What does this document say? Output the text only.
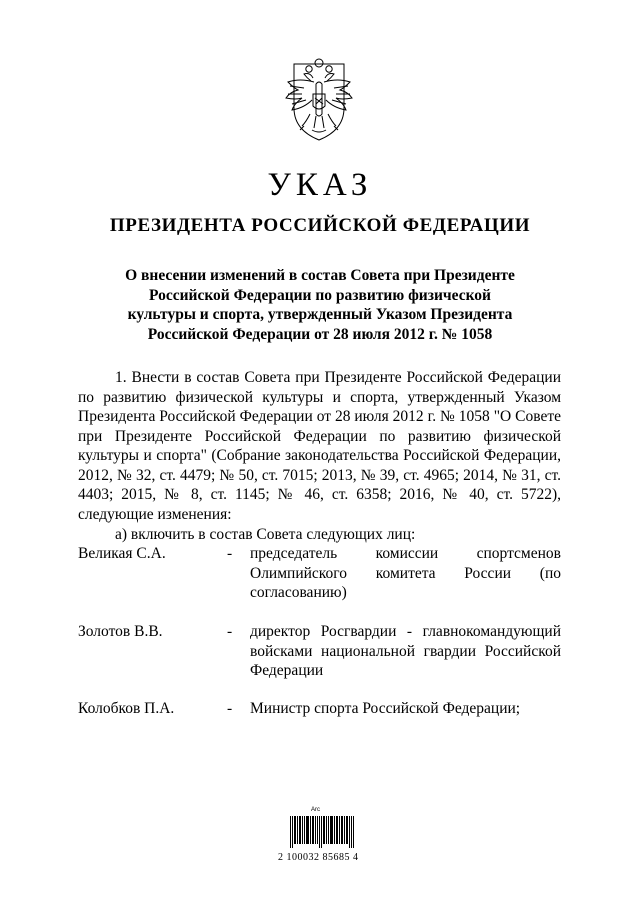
УКАЗ
ПРЕЗИДЕНТА РОССИЙСКОЙ ФЕДЕРАЦИИ
О внесении изменений в состав Совета при Президенте
Российской Федерации по развитию физической
культуры и спорта, утвержденный Указом Президента
Российской Федерации от 28 июля 2012 г. № 1058

1. Внести в состав Совета при Президенте Российской Федерации по развитию физической культуры и спорта, утвержденный Указом Президента Российской Федерации от 28 июля 2012 г. № 1058 "О Совете при Президенте Российской Федерации по развитию физической культуры и спорта" (Собрание законодательства Российской Федерации, 2012, № 32, ст. 4479; № 50, ст. 7015; 2013, № 39, ст. 4965; 2014, № 31, ст. 4403; 2015, № 8, ст. 1145; № 46, ст. 6358; 2016, № 40, ст. 5722), следующие изменения:

а) включить в состав Совета следующих лиц:
Великая С.А.	- председатель комиссии спортсменов Олимпийского комитета России (по согласованию)
Золотов В.В.	- директор Росгвардии - главнокомандующий войсками национальной гвардии Российской Федерации
Колобков П.А.	- Министр спорта Российской Федерации;
Arc
2 100032 85685 4
